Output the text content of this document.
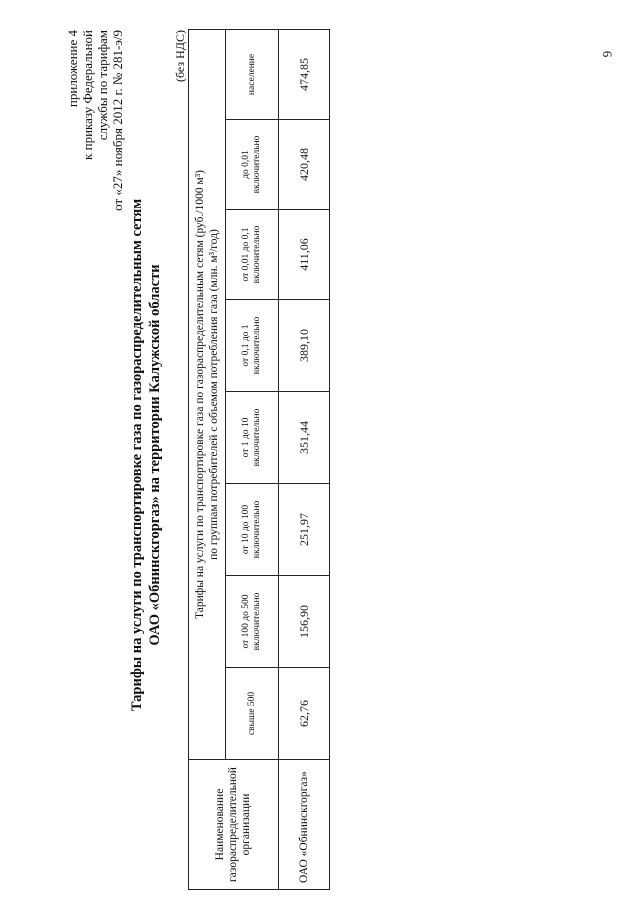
6
приложение 4 к приказу Федеральной службы по тарифам от «27» ноября 2012 г. № 281-э/9
Тарифы на услуги по транспортировке газа по газораспределительным сетям ОАО «Обнинскгоргаз» на территории Калужской области
(без НДС)
Наименование газораспределительной организации	Тарифы на услуги по транспортировке газа по газораспределительным сетям (руб./1000 м³) по группам потребителей с объемом потребления газа (млн. м³/год)							

	свыше 500	от 100 до 500 включительно	от 10 до 100 включительно	от 1 до 10 включительно	от 0,1 до 1 включительно	от 0,01 до 0,1 включительно	до 0,01 включительно	население
ОАО «Обнинскгоргаз»	62,76	156,90	251,97	351,44	389,10	411,06	420,48	474,85
